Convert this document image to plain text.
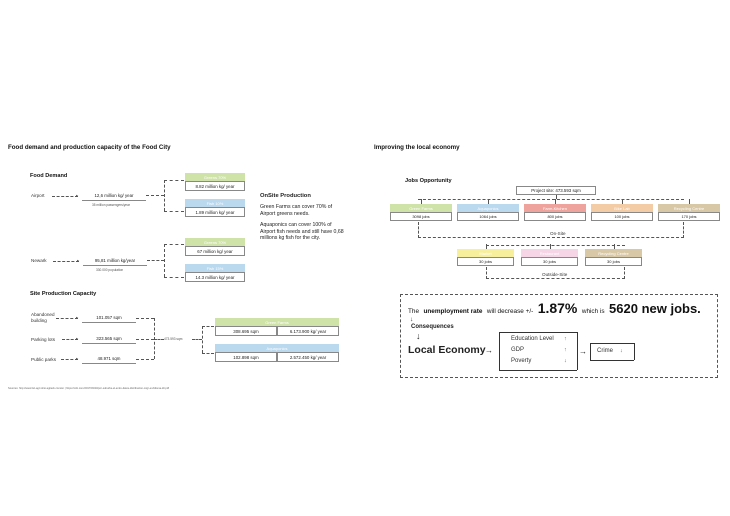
Food demand and production capacity of the Food City
Food Demand
Airport	▸	12,6 million kg/ year
35 million passengers/year
Greens 70%
8.82 million kg/ year
Fish 10%
1.89 million kg/ year
Newark	▸	95,81 million kg/year
330.000 population
Greens 70%
67 million kg/ year
Fish 15%
14.3 million kg/ year
OnSite Production
Green Farms can cover 70% of Airport greens needs.
Aquaponics can cover 100% of Airport fish needs and still have 0,68 millions kg fish for the city.
Site Production Capacity
Abandoned building
▸	101.057 sqm
Parking lots	▸	323.565 sqm
Public parks	▸	48.971 sqm
473.593 sqm
Green Farms
308.695 sqm	6.173.900 kg/ year
Aquaponics
102.898 sqm	2.572.450 kg/ year
Sources: http://www.faz-agri.ohio.agiteck.com/en | https://cdn.com/2017/03/23/por-suburbe-el-entre-datos-distribucion-migr-en/idioma-dir.pdf
Improving the local economy
Jobs Opportunity
Project site: 473.593 sqm
Green Farms
3098 jobs
Aquaponics
1064 jobs
Farm-Kitchen
800 jobs
Bike Lab
100 jobs
Recycling Centre
170 jobs
On-Site
Market
30 jobs
Restaurant
30 jobs
Recycling Centre
30 jobs
Outside-Site
The unemployment rate will decrease +/- 1.87% which is 5620 new jobs.
↓
Consequences
↓
Local Economy →
Education Level ↑
GDP	↑
Poverty	↓
→ Crime ↓
